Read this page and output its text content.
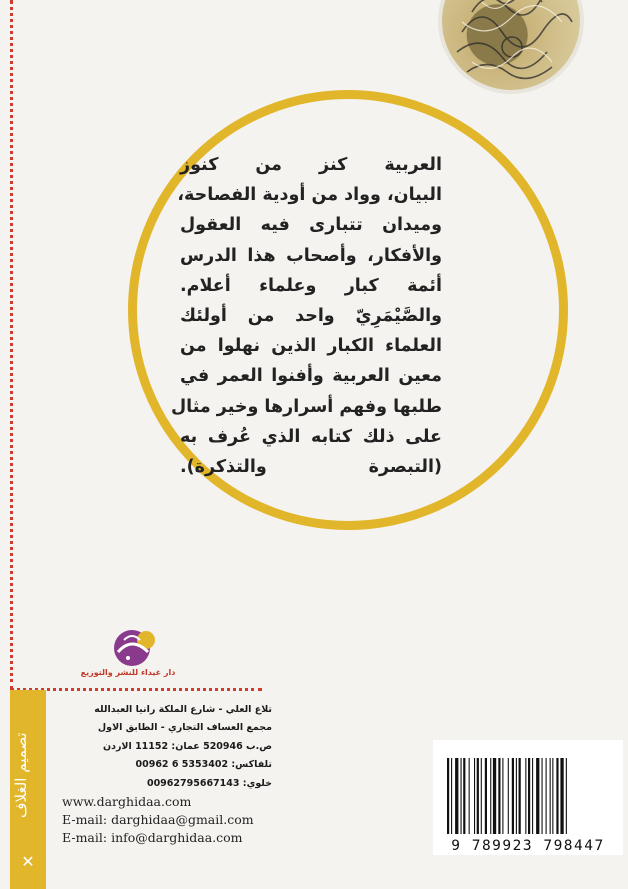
العربية كنز من كنوز
البيان، وواد من أودية الفصاحة،
وميدان تتبارى فيه العقول
والأفكار، وأصحاب هذا الدرس
أئمة كبار وعلماء أعلام.
والصَّيْمَرِيّ واحد من أولئك
العلماء الكبار الذين نهلوا من
معين العربية وأفنوا العمر في
طلبها وفهم أسرارها وخير مثال
على ذلك كتابه الذي عُرف به
(التبصرة والتذكرة).
دار غيداء للنشر والتوزيع
تصميم الغلاف
✕
تلاع العلي - شارع الملكة رانيا العبدالله
مجمع العساف التجاري - الطابق الاول
ص.ب 520946 عمان: 11152 الاردن
تلفاكس: 5353402 6 00962
خلوي: 00962795667143
www.darghidaa.com
E-mail: darghidaa@gmail.com
E-mail: info@darghidaa.com
9 789923 798447
